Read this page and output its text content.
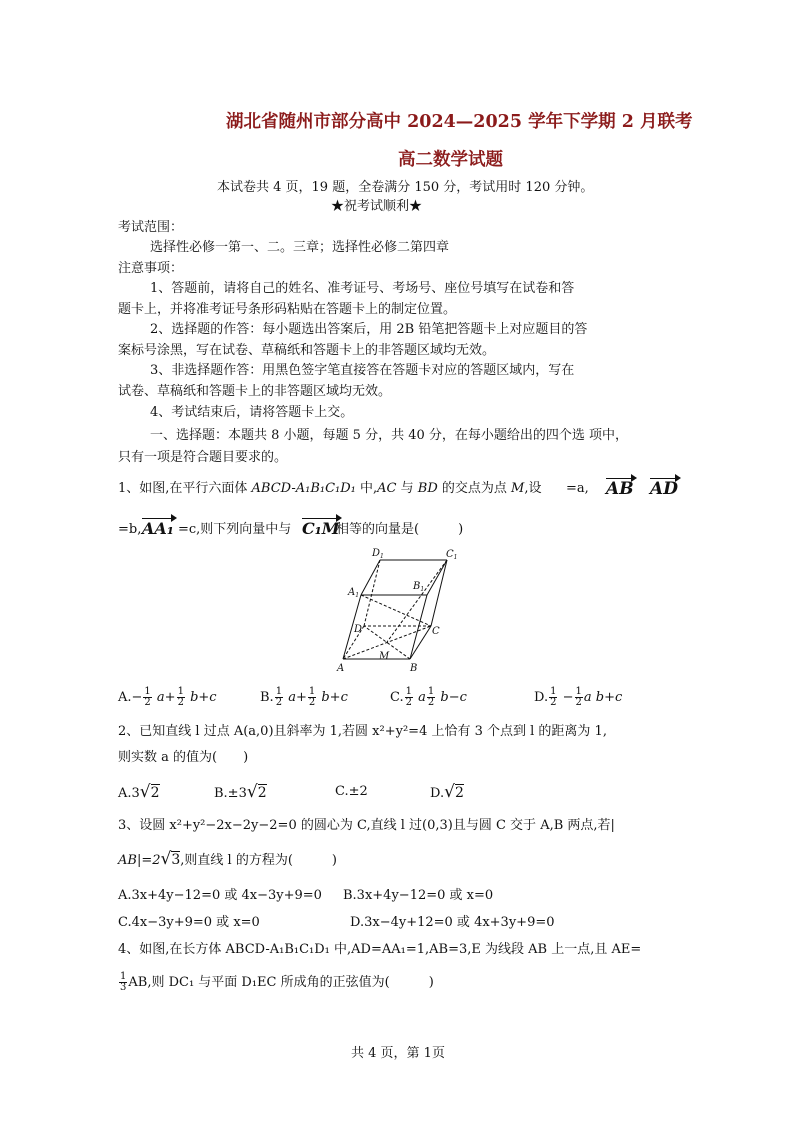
湖北省随州市部分高中 2024—2025 学年下学期 2 月联考
高二数学试题
本试卷共 4 页，19 题，全卷满分 150 分，考试用时 120 分钟。
★祝考试顺利★
考试范围：
选择性必修一第一、二。三章；选择性必修二第四章
注意事项：
1、答题前，请将自己的姓名、准考证号、考场号、座位号填写在试卷和答
题卡上，并将准考证号条形码粘贴在答题卡上的制定位置。
2、选择题的作答：每小题选出答案后，用 2B 铅笔把答题卡上对应题目的答
案标号涂黑，写在试卷、草稿纸和答题卡上的非答题区域均无效。
3、非选择题作答：用黑色签字笔直接答在答题卡对应的答题区域内，写在
试卷、草稿纸和答题卡上的非答题区域均无效。
4、考试结束后，请将答题卡上交。
一、选择题：本题共 8 小题，每题 5 分，共 40 分，在每小题给出的四个选 项中，
只有一项是符合题目要求的。
1、如图,在平行六面体 ABCD-A₁B₁C₁D₁ 中,AC 与 BD 的交点为点 M,设 =a, AB AD
=b, AA₁ =c,则下列向量中与 C₁M
相等的向量是(　　　)
$D_1$	$C_1$
$A_1$
$B_1$
D	C
A	B
M
$A.- \frac{1}{2} a+ \frac{1}{2} b+c$	B. $\frac{1}{2} a+ \frac{1}{2} b+c$	C. $\frac{1}{2}$ a $\frac{1}{2} b-c$	D. $\frac{1}{2} - \frac{1}{2}$ a b+c
2、已知直线 l 过点 A(a,0)且斜率为 1,若圆 x²+y²=4 上恰有 3 个点到 l 的距离为 1,
则实数 a 的值为(　　)
A.3√2	B.±3√2	C.±2	D.√2
3、设圆 x²+y²−2x−2y−2=0 的圆心为 C,直线 l 过(0,3)且与圆 C 交于 A,B 两点,若|
AB|=2√3,则直线 l 的方程为(　　　)
A.3x+4y−12=0 或 4x−3y+9=0 B.3x+4y−12=0 或 x=0
C.4x−3y+9=0 或 x=0	D.3x−4y+12=0 或 4x+3y+9=0
4、如图,在长方体 ABCD-A₁B₁C₁D₁ 中,AD=AA₁=1,AB=3,E 为线段 AB 上一点,且 AE=
$\frac{1}{3}$ AB,则 DC₁ 与平面 D₁EC 所成角的正弦值为(　　　)
共 4 页，第 1页
